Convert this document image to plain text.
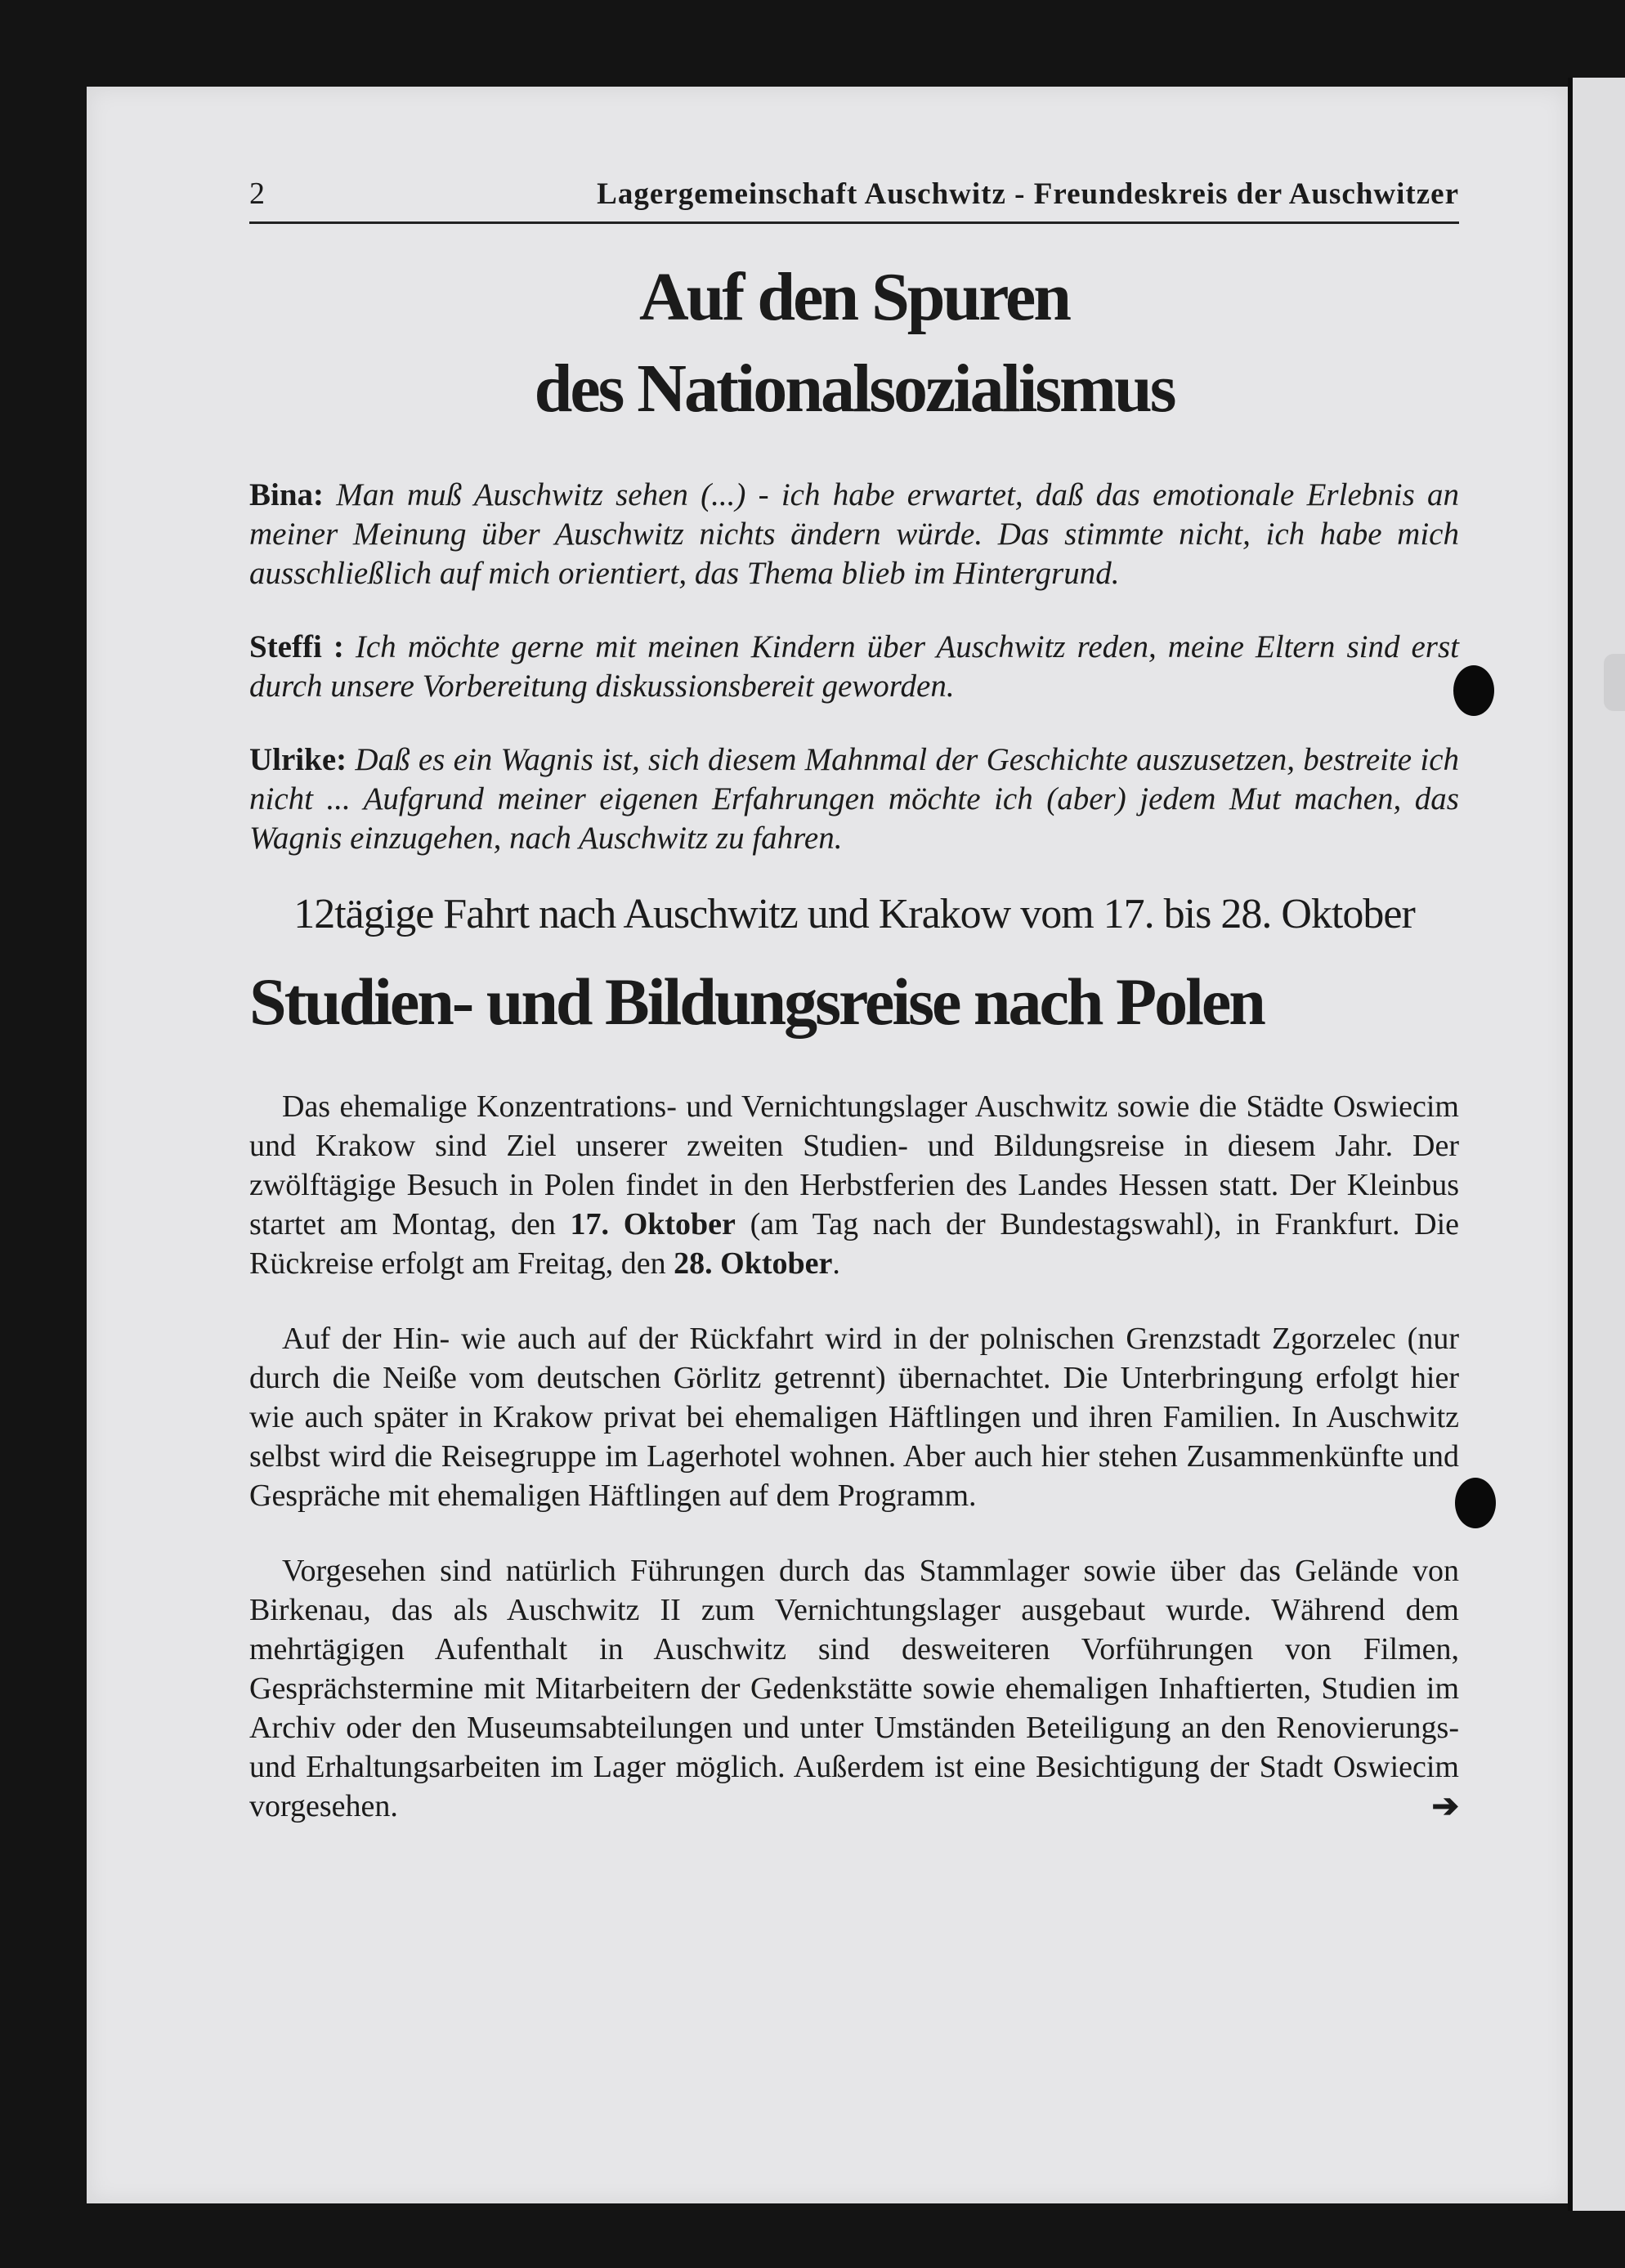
2	Lagergemeinschaft Auschwitz - Freundeskreis der Auschwitzer
Auf den Spuren
des Nationalsozialismus

Bina: Man muß Auschwitz sehen (...) - ich habe erwartet, daß das emotionale Erlebnis an meiner Meinung über Auschwitz nichts ändern würde. Das stimmte nicht, ich habe mich ausschließlich auf mich orientiert, das Thema blieb im Hintergrund.

Steffi : Ich möchte gerne mit meinen Kindern über Auschwitz reden, meine Eltern sind erst durch unsere Vorbereitung diskussionsbereit geworden.

Ulrike: Daß es ein Wagnis ist, sich diesem Mahnmal der Geschichte auszusetzen, bestreite ich nicht ... Aufgrund meiner eigenen Erfahrungen möchte ich (aber) jedem Mut machen, das Wagnis einzugehen, nach Auschwitz zu fahren.

12tägige Fahrt nach Auschwitz und Krakow vom 17. bis 28. Oktober
Studien- und Bildungsreise nach Polen

Das ehemalige Konzentrations- und Vernichtungslager Auschwitz sowie die Städte Oswiecim und Krakow sind Ziel unserer zweiten Studien- und Bildungsreise in diesem Jahr. Der zwölftägige Besuch in Polen findet in den Herbstferien des Landes Hessen statt. Der Kleinbus startet am Montag, den 17. Oktober (am Tag nach der Bundestagswahl), in Frankfurt. Die Rückreise erfolgt am Freitag, den 28. Oktober.

Auf der Hin- wie auch auf der Rückfahrt wird in der polnischen Grenzstadt Zgorzelec (nur durch die Neiße vom deutschen Görlitz getrennt) übernachtet. Die Unterbringung erfolgt hier wie auch später in Krakow privat bei ehemaligen Häftlingen und ihren Familien. In Auschwitz selbst wird die Reisegruppe im Lagerhotel wohnen. Aber auch hier stehen Zusammenkünfte und Gespräche mit ehemaligen Häftlingen auf dem Programm.

Vorgesehen sind natürlich Führungen durch das Stammlager sowie über das Gelände von Birkenau, das als Auschwitz II zum Vernichtungslager ausgebaut wurde. Während dem mehrtägigen Aufenthalt in Auschwitz sind desweiteren Vorführungen von Filmen, Gesprächstermine mit Mitarbeitern der Gedenkstätte sowie ehemaligen Inhaftierten, Studien im Archiv oder den Museumsabteilungen und unter Umständen Beteiligung an den Renovierungs- und Erhaltungsarbeiten im Lager möglich. Außerdem ist eine Besichtigung der Stadt Oswiecim vorgesehen.	➔
